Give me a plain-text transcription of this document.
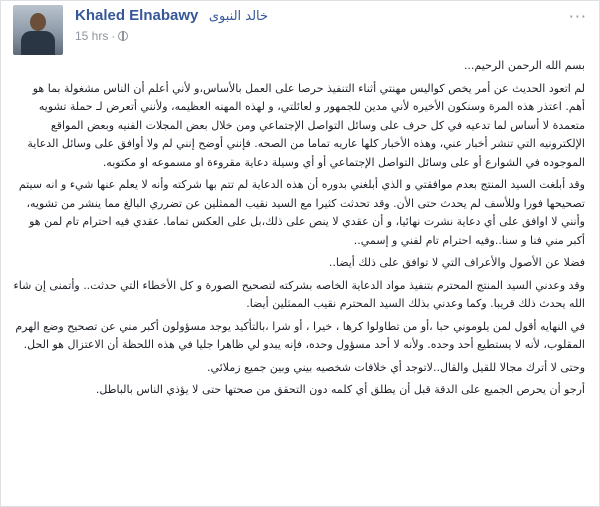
Khaled Elnabawy خالد النبوى
15 hrs ·
···

بسم الله الرحمن الرحيم...

لم اتعود الحديث عن أمر يخص كواليس مهنتي أثناء التنفيذ حرصا على العمل بالأساس،و لأني أعلم أن الناس مشغولة بما هو أهم. اعتذر هذه المرة وسنكون الأخيره لأني مدين للجمهور و لعائلتي، و لهذه المهنه العظيمه، ولأنني أتعرض لـ حملة تشويه متعمدة لا أساس لما تدعيه في كل حرف على وسائل التواصل الإجتماعي ومن خلال بعض المجلات الفنيه وبعض المواقع الإلكترونيه التي تنشر أخبار عني، وهذه الأخبار كلها عاريه تماما من الصحه. فإنني أوضح إنني لم ولا أوافق على وسائل الدعاية الموجوده في الشوارع أو على وسائل التواصل الإجتماعي أو أي وسيلة دعاية مقروءة او مسموعه او مكتوبه.

وقد أبلغت السيد المنتج بعدم موافقتي و الذي أبلغني بدوره أن هذه الدعاية لم تتم بها شركته وأنه لا يعلم عنها شيء و انه سيتم تصحيحها فورا وللأسف لم يحدث حتى الأن. وقد تحدثت كثيرا مع السيد نقيب الممثلين عن تضرري البالغ مما ينشر من تشويه، وأنني لا اوافق على أي دعاية نشرت نهائيا، و أن عقدي لا ينص على ذلك،بل على العكس تماما. عقدي فيه احترام تام لمن هو أكبر مني فنا و سنا..وفيه احترام تام لفني و إسمي..

فضلا عن الأصول والأعراف التي لا توافق على ذلك أيضا..

وقد وعدني السيد المنتج المحترم بتنفيذ مواد الدعاية الخاصه بشركته لتصحيح الصورة و كل الأخطاء التي حدثت.. وأتمنى إن شاء الله يحدث ذلك قريبا. وكما وعدني بذلك السيد المحترم نقيب الممثلين أيضا.

في النهايه أقول لمن يلوموني حبا ،أو من تطاولوا كرها ، خيرا ، أو شرا ،بالتأكيد يوجد مسؤولون أكبر مني عن تصحيح وضع الهرم المقلوب، لأنه لا يستطيع أحد وحده. ولأنه لا أحد مسؤول وحده، فإنه يبدو لي ظاهرا جليا في هذه اللحظة أن الاعتزال هو الحل.

وحتى لا أترك مجالا للقيل والقال..لاتوجد أي خلافات شخصيه بيني وبين جميع زملائي.

أرجو أن يحرص الجميع على الدقة قبل أن يطلق أي كلمه دون التحقق من صحتها حتى لا يؤذي الناس بالباطل.
